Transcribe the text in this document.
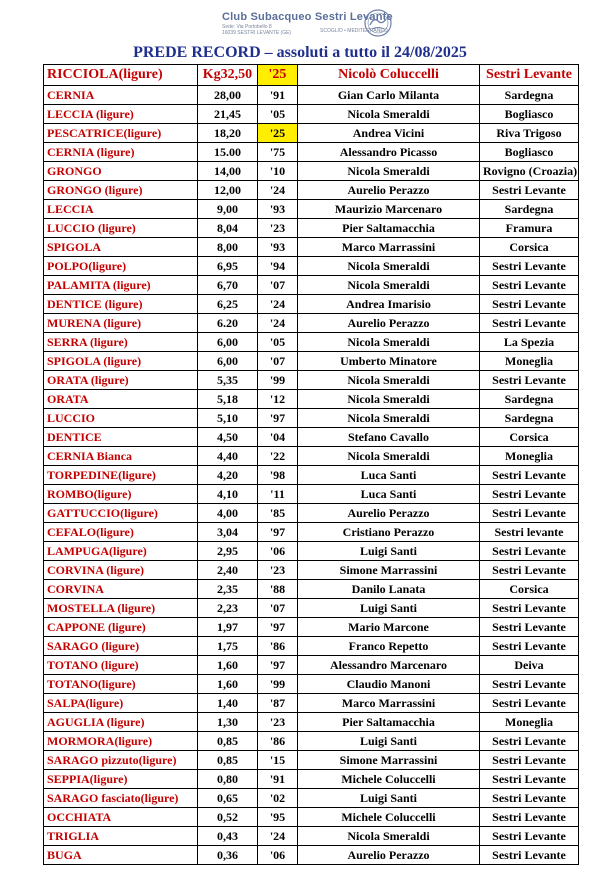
Club Subacqueo Sestri Levante
Sede: Via Portobello 8
16039 SESTRI LEVANTE (GE)	SCOGLIO • MEDITERRANEO
PREDE RECORD – assoluti a tutto il 24/08/2025
RICCIOLA(ligure)	Kg32,50	'25	Nicolò Coluccelli	Sestri Levante
CERNIA	28,00	'91	Gian Carlo Milanta	Sardegna
LECCIA (ligure)	21,45	'05	Nicola Smeraldi	Bogliasco
PESCATRICE(ligure)	18,20	'25	Andrea Vicini	Riva Trigoso
CERNIA (ligure)	15.00	'75	Alessandro Picasso	Bogliasco
GRONGO	14,00	'10	Nicola Smeraldi	Rovigno (Croazia)
GRONGO (ligure)	12,00	'24	Aurelio Perazzo	Sestri Levante
LECCIA	9,00	'93	Maurizio Marcenaro	Sardegna
LUCCIO (ligure)	8,04	'23	Pier Saltamacchia	Framura
SPIGOLA	8,00	'93	Marco Marrassini	Corsica
POLPO(ligure)	6,95	'94	Nicola Smeraldi	Sestri Levante
PALAMITA (ligure)	6,70	'07	Nicola Smeraldi	Sestri Levante
DENTICE (ligure)	6,25	'24	Andrea Imarisio	Sestri Levante
MURENA (ligure)	6.20	'24	Aurelio Perazzo	Sestri Levante
SERRA (ligure)	6,00	'05	Nicola Smeraldi	La Spezia
SPIGOLA (ligure)	6,00	'07	Umberto Minatore	Moneglia
ORATA (ligure)	5,35	'99	Nicola Smeraldi	Sestri Levante
ORATA	5,18	'12	Nicola Smeraldi	Sardegna
LUCCIO	5,10	'97	Nicola Smeraldi	Sardegna
DENTICE	4,50	'04	Stefano Cavallo	Corsica
CERNIA Bianca	4,40	'22	Nicola Smeraldi	Moneglia
TORPEDINE(ligure)	4,20	'98	Luca Santi	Sestri Levante
ROMBO(ligure)	4,10	'11	Luca Santi	Sestri Levante
GATTUCCIO(ligure)	4,00	'85	Aurelio Perazzo	Sestri Levante
CEFALO(ligure)	3,04	'97	Cristiano Perazzo	Sestri levante
LAMPUGA(ligure)	2,95	'06	Luigi Santi	Sestri Levante
CORVINA (ligure)	2,40	'23	Simone Marrassini	Sestri Levante
CORVINA	2,35	'88	Danilo Lanata	Corsica
MOSTELLA (ligure)	2,23	'07	Luigi Santi	Sestri Levante
CAPPONE (ligure)	1,97	'97	Mario Marcone	Sestri Levante
SARAGO (ligure)	1,75	'86	Franco Repetto	Sestri Levante
TOTANO (ligure)	1,60	'97	Alessandro Marcenaro	Deiva
TOTANO(ligure)	1,60	'99	Claudio Manoni	Sestri Levante
SALPA(ligure)	1,40	'87	Marco Marrassini	Sestri Levante
AGUGLIA (ligure)	1,30	'23	Pier Saltamacchia	Moneglia
MORMORA(ligure)	0,85	'86	Luigi Santi	Sestri Levante
SARAGO pizzuto(ligure)	0,85	'15	Simone Marrassini	Sestri Levante
SEPPIA(ligure)	0,80	'91	Michele Coluccelli	Sestri Levante
SARAGO fasciato(ligure)	0,65	'02	Luigi Santi	Sestri Levante
OCCHIATA	0,52	'95	Michele Coluccelli	Sestri Levante
TRIGLIA	0,43	'24	Nicola Smeraldi	Sestri Levante
BUGA	0,36	'06	Aurelio Perazzo	Sestri Levante
